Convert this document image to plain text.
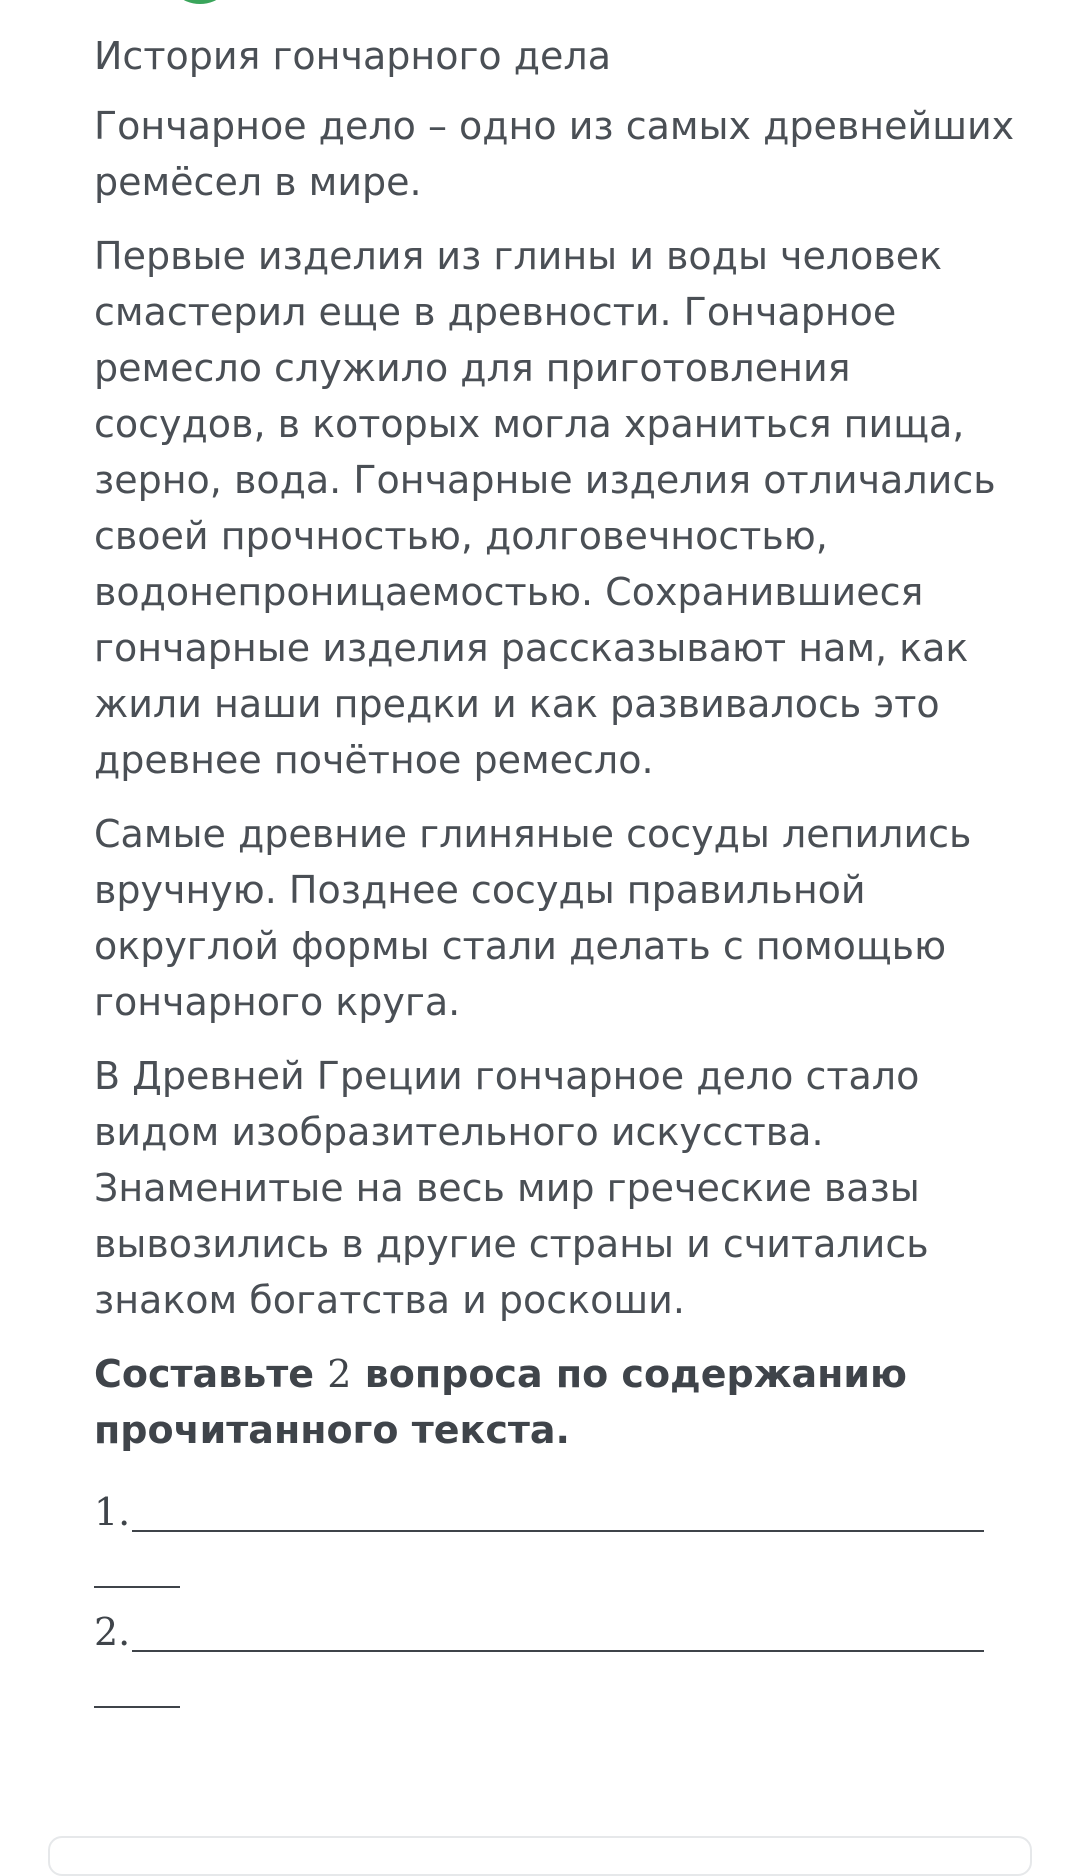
История гончарного дела

Гончарное дело – одно из самых древнейших ремёсел в мире.

Первые изделия из глины и воды человек смастерил еще в древности. Гончарное ремесло служило для приготовления сосудов, в которых могла храниться пища, зерно, вода. Гончарные изделия отличались своей прочностью, долговечностью, водонепроницаемостью. Сохранившиеся гончарные изделия рассказывают нам, как жили наши предки и как развивалось это древнее почётное ремесло.

Самые древние глиняные сосуды лепились вручную. Позднее сосуды правильной округлой формы стали делать с помощью гончарного круга.

В Древней Греции гончарное дело стало видом изобразительного искусства. Знаменитые на весь мир греческие вазы вывозились в другие страны и считались знаком богатства и роскоши.

Составьте 2 вопроса по содержанию прочитанного текста.
1.
2.
